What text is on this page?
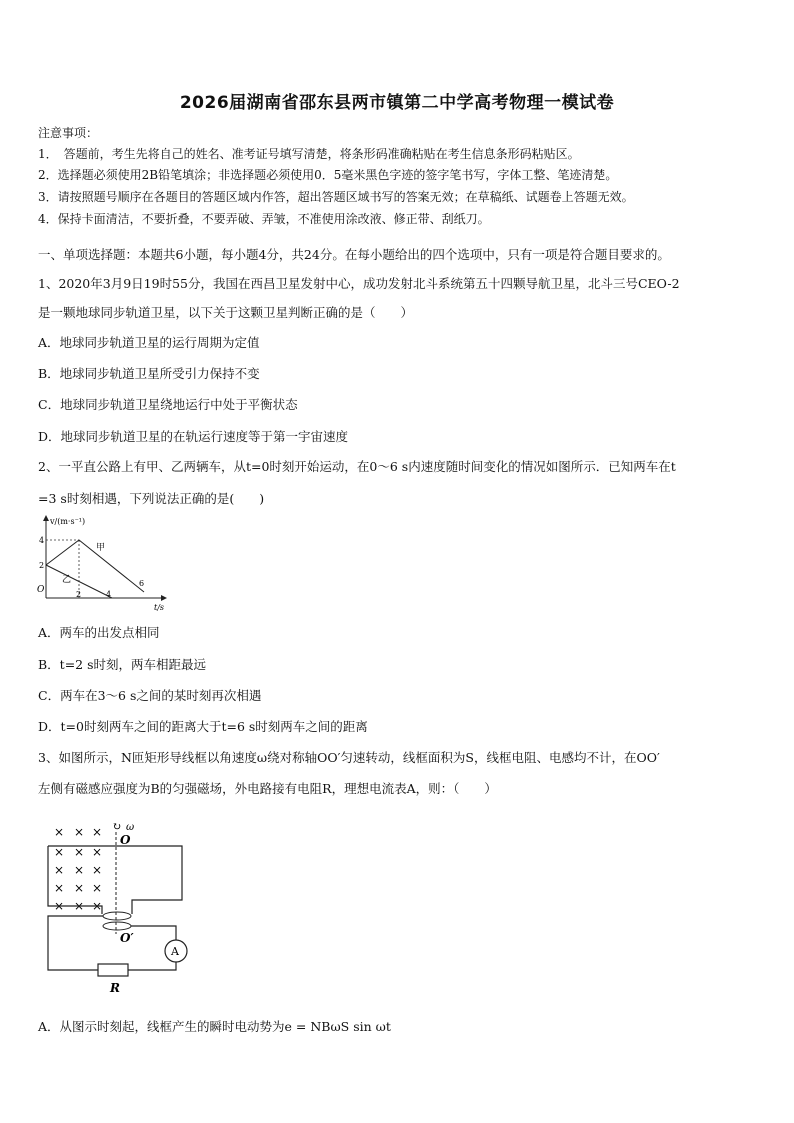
2026届湖南省邵东县两市镇第二中学高考物理一模试卷
注意事项：
1．　答题前，考生先将自己的姓名、准考证号填写清楚，将条形码准确粘贴在考生信息条形码粘贴区。
2．选择题必须使用2B铅笔填涂；非选择题必须使用0．5毫米黑色字迹的签字笔书写，字体工整、笔迹清楚。
3．请按照题号顺序在各题目的答题区域内作答，超出答题区域书写的答案无效；在草稿纸、试题卷上答题无效。
4．保持卡面清洁，不要折叠，不要弄破、弄皱，不准使用涂改液、修正带、刮纸刀。
一、单项选择题：本题共6小题，每小题4分，共24分。在每小题给出的四个选项中，只有一项是符合题目要求的。
1、2020年3月9日19时55分，我国在西昌卫星发射中心，成功发射北斗系统第五十四颗导航卫星，北斗三号CEO-2
是一颗地球同步轨道卫星，以下关于这颗卫星判断正确的是（　　）
A．地球同步轨道卫星的运行周期为定值
B．地球同步轨道卫星所受引力保持不变
C．地球同步轨道卫星绕地运行中处于平衡状态
D．地球同步轨道卫星的在轨运行速度等于第一宇宙速度
2、一平直公路上有甲、乙两辆车，从t=0时刻开始运动，在0～6 s内速度随时间变化的情况如图所示．已知两车在t
=3 s时刻相遇，下列说法正确的是(　　)
v/(m·s⁻¹)
t/s
O
4
2
2	4
6
甲
乙
A．两车的出发点相同
B．t=2 s时刻，两车相距最远
C．两车在3～6 s之间的某时刻再次相遇
D．t=0时刻两车之间的距离大于t=6 s时刻两车之间的距离
3、如图所示，N匝矩形导线框以角速度ω绕对称轴OO′匀速转动，线框面积为S，线框电阻、电感均不计，在OO′
左侧有磁感应强度为B的匀强磁场，外电路接有电阻R，理想电流表A，则：（　　）
× × ×
× × ×
× × ×
× × ×
× × ×
↻ ω
O
O′
A
R
A．从图示时刻起，线框产生的瞬时电动势为e = NBωS sin ωt
